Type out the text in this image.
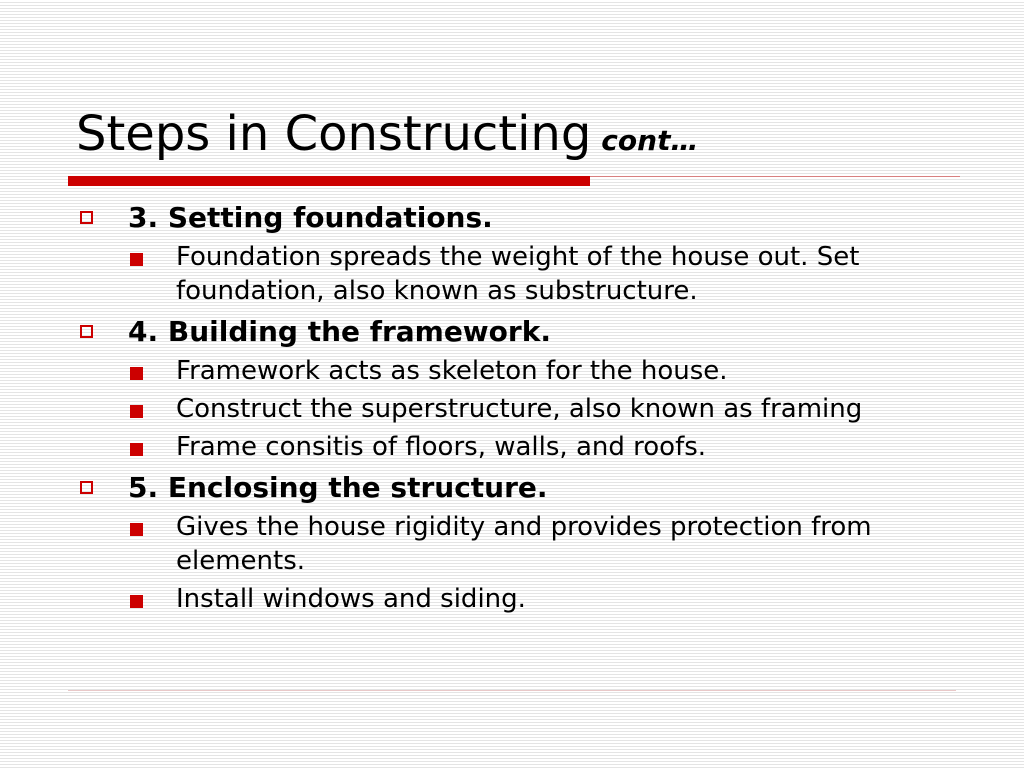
Steps in Constructing cont…
3. Setting foundations.
Foundation spreads the weight of the house out. Set foundation, also known as substructure.
4. Building the framework.
Framework acts as skeleton for the house.
Construct the superstructure, also known as framing
Frame consitis of floors, walls, and roofs.
5. Enclosing the structure.
Gives the house rigidity and provides protection from elements.
Install windows and siding.
